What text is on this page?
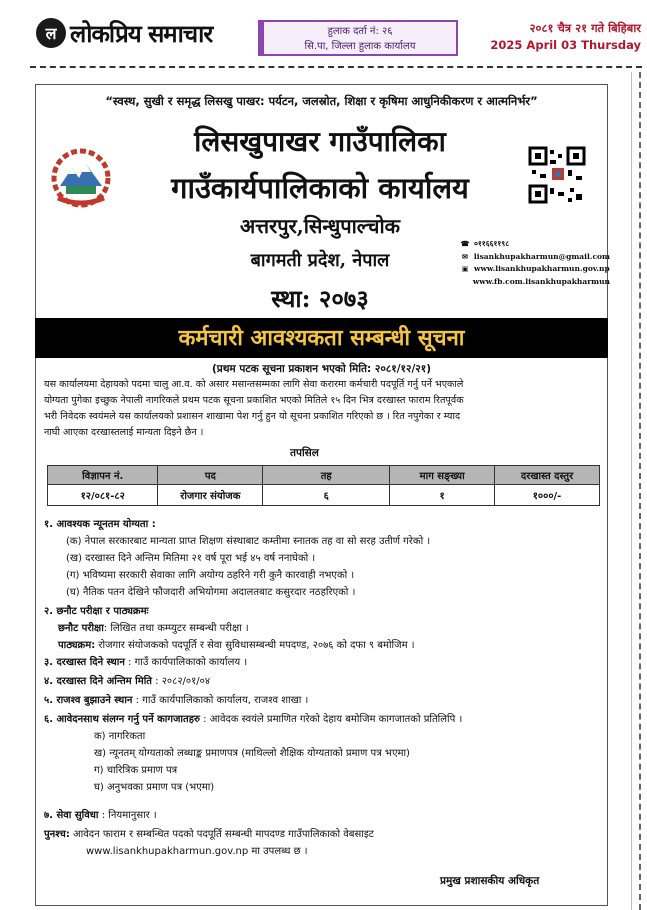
ल लोकप्रिय समाचार	हुलाक दर्ता नं: २६
सि.पा, जिल्ला हुलाक कार्यालय
२०८१ चैत्र २१ गते बिहिबार
2025 April 03 Thursday
“स्वस्थ, सुखी र समृद्ध लिसखु पाखर: पर्यटन, जलस्रोत, शिक्षा र कृषिमा आधुनिकीकरण र आत्मनिर्भर”
लिसखुपाखर गाउँपालिका
गाउँकार्यपालिकाको कार्यालय
अत्तरपुर,सिन्धुपाल्चोक
बागमती प्रदेश, नेपाल
स्था: २०७३
☎ ०११६६११९८
✉ lisankhupakharmun@gmail.com
▣ www.lisankhupakharmun.gov.np
www.fb.com.lisankhupakharmun
कर्मचारी आवश्यकता सम्बन्धी सूचना
(प्रथम पटक सूचना प्रकाशन भएको मिति: २०८१/१२/२१)
यस कार्यालयमा देहायको पदमा चालु आ.व. को असार मसान्तसम्मका लागि सेवा करारमा कर्मचारी पदपूर्ति गर्नु पर्ने भएकाले
योग्यता पुगेका इच्छुक नेपाली नागरिकले प्रथम पटक सूचना प्रकाशित भएको मितिले १५ दिन भित्र दरखास्त फाराम रितपूर्वक
भरी निवेदक स्वयंमले यस कार्यालयको प्रशासन शाखामा पेश गर्नु हुन यो सूचना प्रकाशित गरिएको छ । रित नपुगेका र म्याद
नाघी आएका दरखास्तलाई मान्यता दिइने छैन ।
तपसिल
विज्ञापन नं.	पद	तह	माग सङ्ख्या	दरखास्त दस्तुर
१२/०८१-८२	रोजगार संयोजक	६	१	१०००/-
१. आवश्यक न्यूनतम योग्यता :
(क) नेपाल सरकारबाट मान्यता प्राप्त शिक्षण संस्थाबाट कम्तीमा स्नातक तह वा सो सरह उतीर्ण गरेको ।
(ख) दरखास्त दिने अन्तिम मितिमा २१ वर्ष पूरा भई ४५ वर्ष ननाघेको ।
(ग) भविष्यमा सरकारी सेवाका लागि अयोग्य ठहरिने गरी कुनै कारवाही नभएको ।
(घ) नैतिक पतन देखिने फौजदारी अभियोगमा अदालतबाट कसुरदार नठहरिएको ।
२. छनौट परीक्षा र पाठ्यक्रमः
छनौट परीक्षा: लिखित तथा कम्प्युटर सम्बन्धी परीक्षा ।
पाठ्यक्रम: रोजगार संयोजकको पदपूर्ति र सेवा सुविधासम्बन्धी मपदण्ड, २०७६ को दफा ९ बमोजिम ।
३. दरखास्त दिने स्थान : गाउँ कार्यपालिकाको कार्यालय ।
४. दरखास्त दिने अन्तिम मिति : २०८२/०१/०४
५. राजश्व बुझाउने स्थान : गाउँ कार्यपालिकाको कार्यालय, राजश्व शाखा ।
६. आवेदनसाथ संलग्न गर्नु पर्ने कागजातहरु : आवेदक स्वयंले प्रमाणित गरेको देहाय बमोजिम कागजातको प्रतिलिपि ।
क) नागरिकता
ख) न्यूनतम् योग्यताको लब्धाङ्क प्रमाणपत्र (माथिल्लो शैक्षिक योग्यताको प्रमाण पत्र भएमा)
ग) चारित्रिक प्रमाण पत्र
घ) अनुभवका प्रमाण पत्र (भएमा)
७. सेवा सुविधा : नियमानुसार ।
पुनश्च: आवेदन फाराम र सम्बन्धित पदको पदपूर्ति सम्बन्धी मापदण्ड गाउँपालिकाको वेबसाइट
www.lisankhupakharmun.gov.np मा उपलब्ध छ ।
प्रमुख प्रशासकीय अधिकृत
